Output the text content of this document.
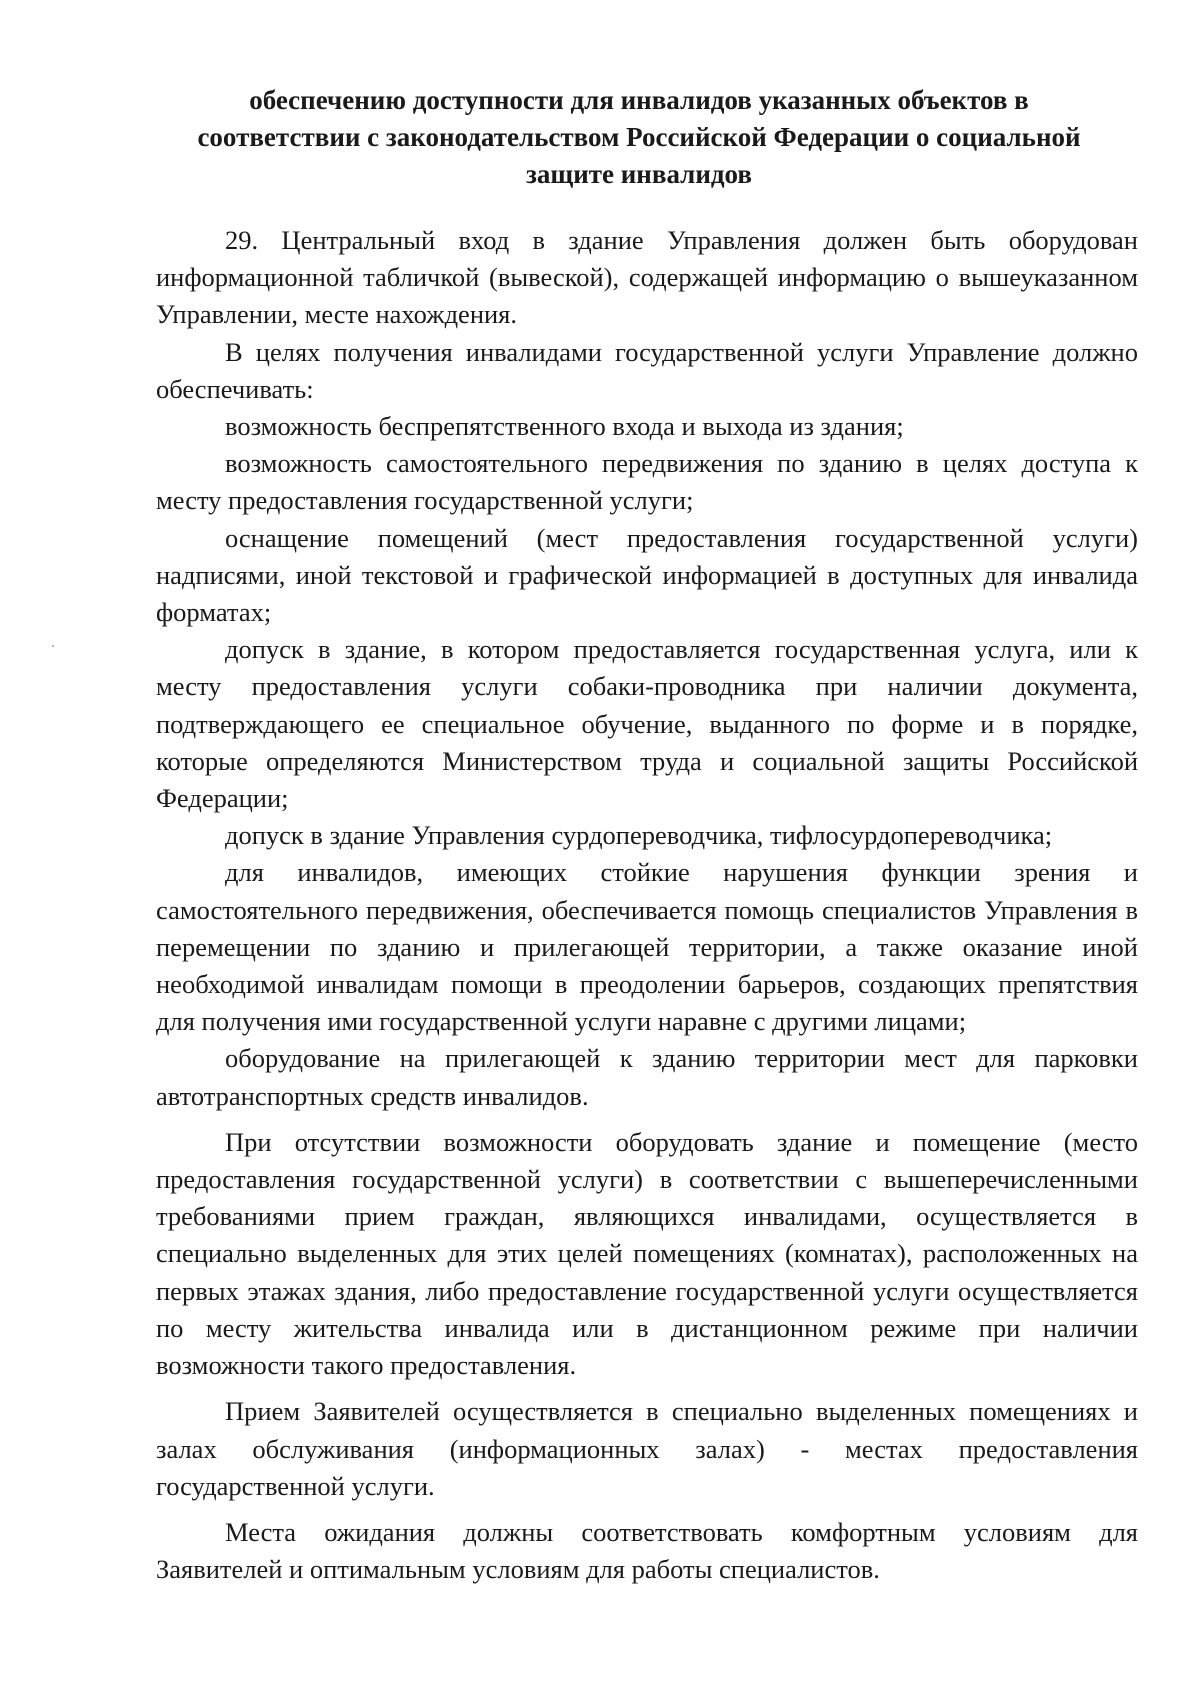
обеспечению доступности для инвалидов указанных объектов в
соответствии с законодательством Российской Федерации о социальной
защите инвалидов

29. Центральный вход в здание Управления должен быть оборудован информационной табличкой (вывеской), содержащей информацию о вышеуказанном Управлении, месте нахождения.

В целях получения инвалидами государственной услуги Управление должно обеспечивать:

возможность беспрепятственного входа и выхода из здания;

возможность самостоятельного передвижения по зданию в целях доступа к месту предоставления государственной услуги;

оснащение помещений (мест предоставления государственной услуги) надписями, иной текстовой и графической информацией в доступных для инвалида форматах;

допуск в здание, в котором предоставляется государственная услуга, или к месту предоставления услуги собаки-проводника при наличии документа, подтверждающего ее специальное обучение, выданного по форме и в порядке, которые определяются Министерством труда и социальной защиты Российской Федерации;

допуск в здание Управления сурдопереводчика, тифлосурдопереводчика;

для инвалидов, имеющих стойкие нарушения функции зрения и самостоятельного передвижения, обеспечивается помощь специалистов Управления в перемещении по зданию и прилегающей территории, а также оказание иной необходимой инвалидам помощи в преодолении барьеров, создающих препятствия для получения ими государственной услуги наравне с другими лицами;

оборудование на прилегающей к зданию территории мест для парковки автотранспортных средств инвалидов.

При отсутствии возможности оборудовать здание и помещение (место предоставления государственной услуги) в соответствии с вышеперечисленными требованиями прием граждан, являющихся инвалидами, осуществляется в специально выделенных для этих целей помещениях (комнатах), расположенных на первых этажах здания, либо предоставление государственной услуги осуществляется по месту жительства инвалида или в дистанционном режиме при наличии возможности такого предоставления.

Прием Заявителей осуществляется в специально выделенных помещениях и залах обслуживания (информационных залах) - местах предоставления государственной услуги.

Места ожидания должны соответствовать комфортным условиям для Заявителей и оптимальным условиям для работы специалистов.
